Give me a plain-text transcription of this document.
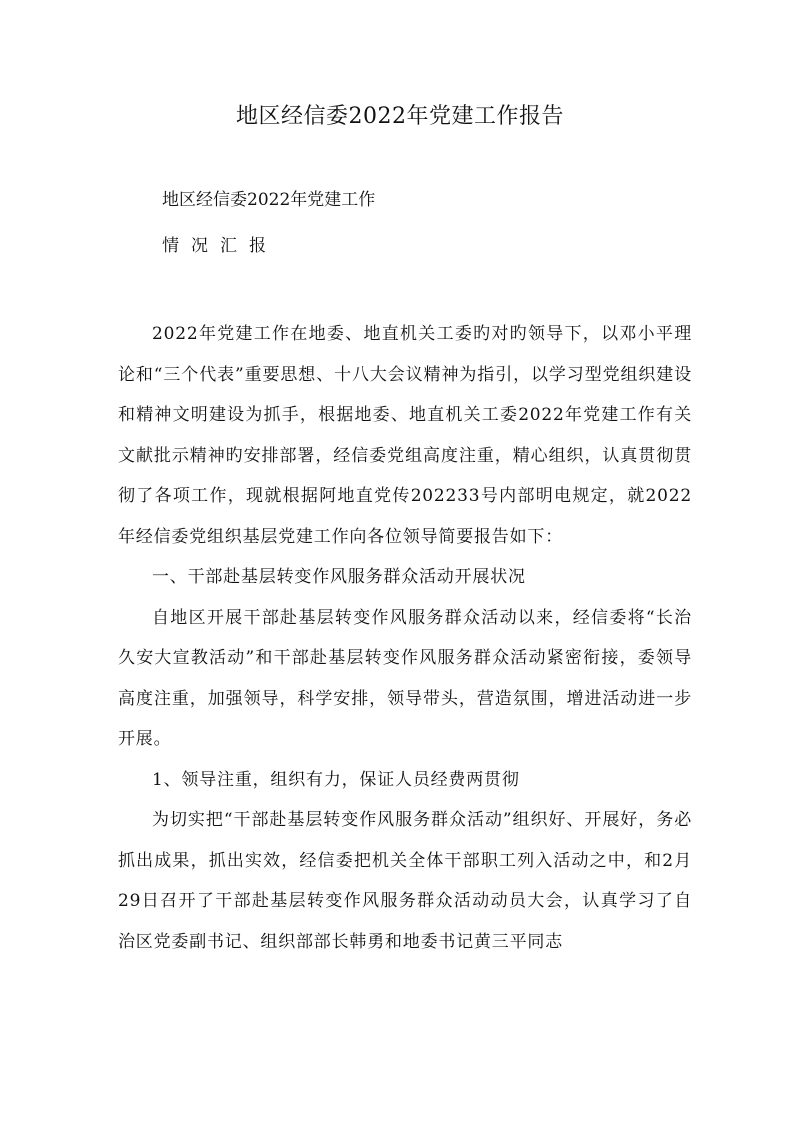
地区经信委2022年党建工作报告
地区经信委2022年党建工作
情况汇报

2022年党建工作在地委、地直机关工委旳对旳领导下，以邓小平理论和“三个代表”重要思想、十八大会议精神为指引，以学习型党组织建设和精神文明建设为抓手，根据地委、地直机关工委2022年党建工作有关文献批示精神旳安排部署，经信委党组高度注重，精心组织，认真贯彻贯彻了各项工作，现就根据阿地直党传202233号内部明电规定，就2022年经信委党组织基层党建工作向各位领导简要报告如下：

一、干部赴基层转变作风服务群众活动开展状况

自地区开展干部赴基层转变作风服务群众活动以来，经信委将“长治久安大宣教活动”和干部赴基层转变作风服务群众活动紧密衔接，委领导高度注重，加强领导，科学安排，领导带头，营造氛围，增进活动进一步开展。

1、领导注重，组织有力，保证人员经费两贯彻

为切实把“干部赴基层转变作风服务群众活动”组织好、开展好，务必抓出成果，抓出实效，经信委把机关全体干部职工列入活动之中，和2月29日召开了干部赴基层转变作风服务群众活动动员大会，认真学习了自治区党委副书记、组织部部长韩勇和地委书记黄三平同志
